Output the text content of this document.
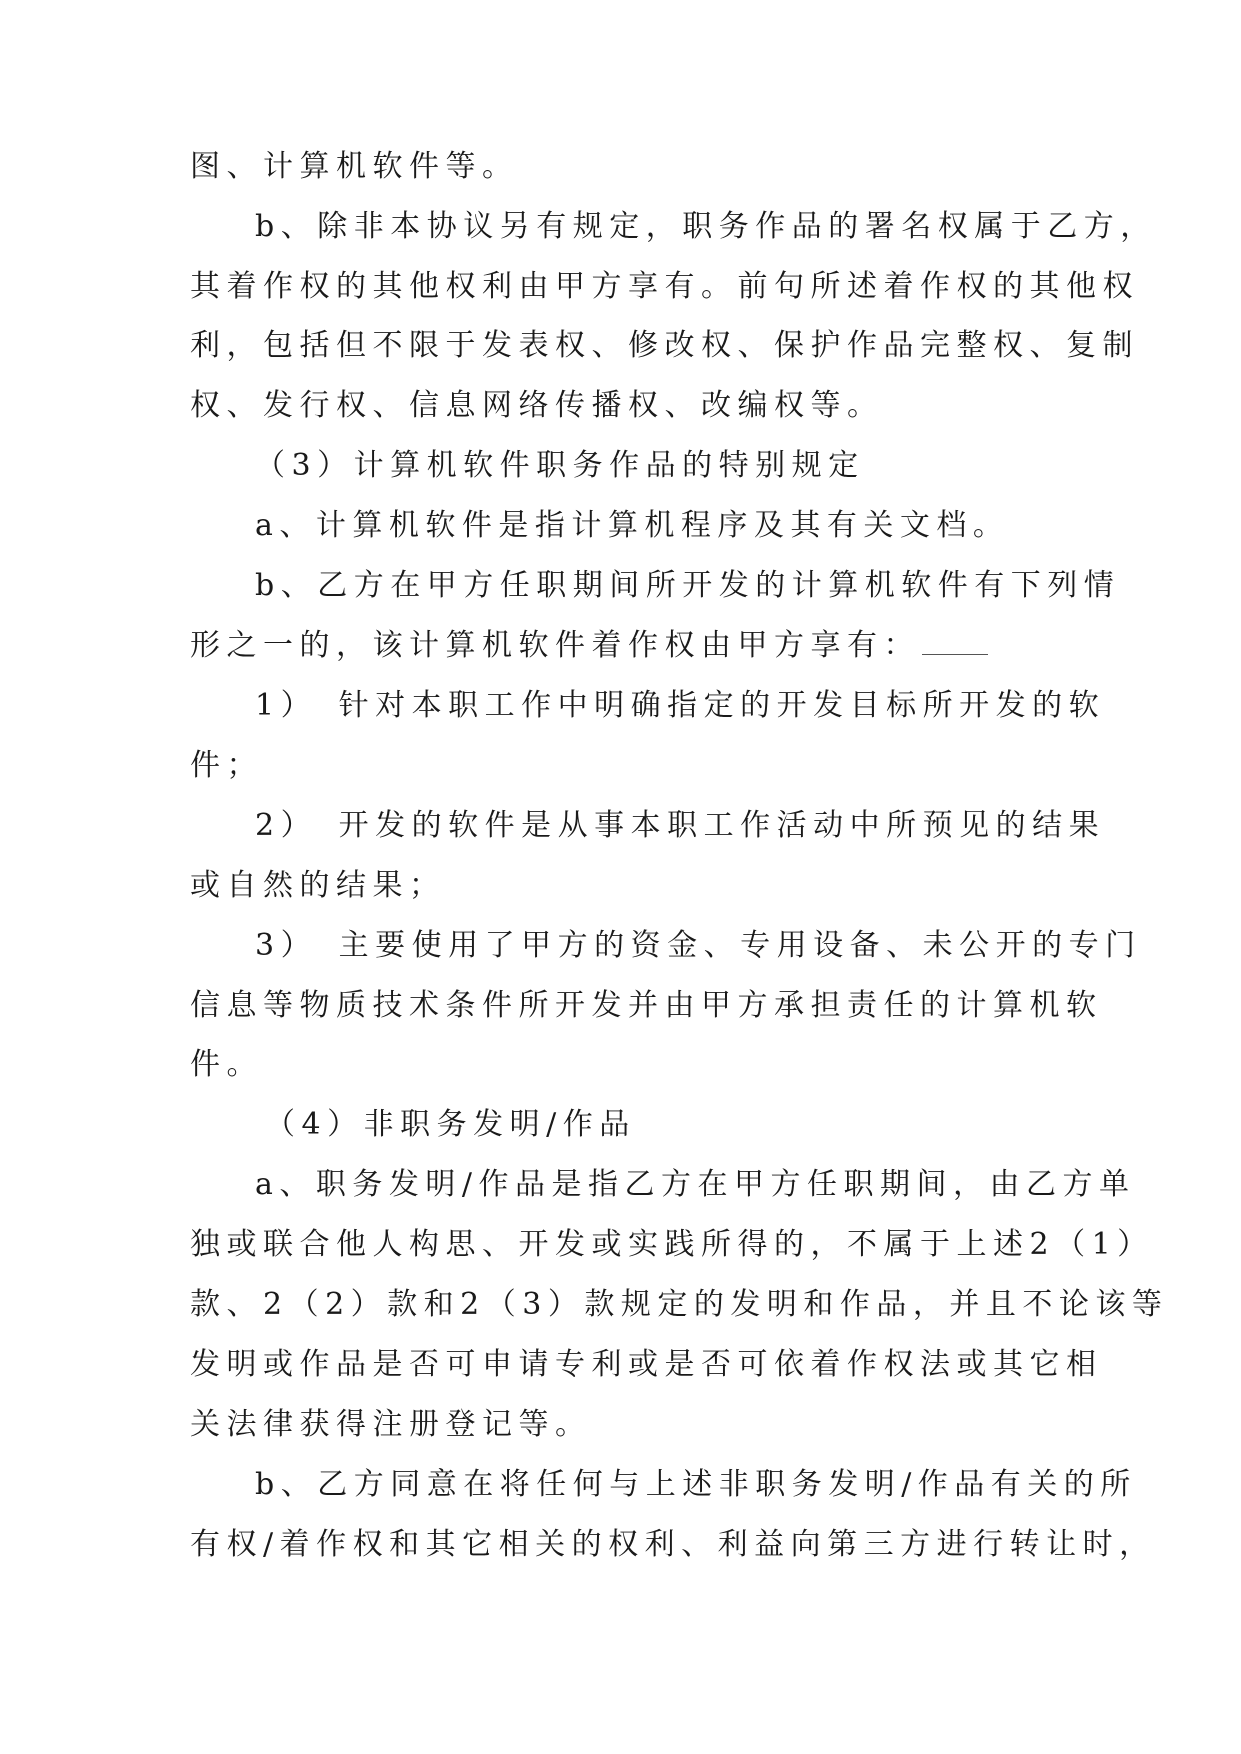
图、计算机软件等。
b、除非本协议另有规定，职务作品的署名权属于乙方，
其着作权的其他权利由甲方享有。前句所述着作权的其他权
利，包括但不限于发表权、修改权、保护作品完整权、复制
权、发行权、信息网络传播权、改编权等。
（3）计算机软件职务作品的特别规定
a、计算机软件是指计算机程序及其有关文档。
b、乙方在甲方任职期间所开发的计算机软件有下列情
形之一的，该计算机软件着作权由甲方享有：
1）　针对本职工作中明确指定的开发目标所开发的软
件；
2）　开发的软件是从事本职工作活动中所预见的结果
或自然的结果；
3）　主要使用了甲方的资金、专用设备、未公开的专门
信息等物质技术条件所开发并由甲方承担责任的计算机软
件。
（4）非职务发明/作品
a、职务发明/作品是指乙方在甲方任职期间，由乙方单
独或联合他人构思、开发或实践所得的，不属于上述2（1）
款、2（2）款和2（3）款规定的发明和作品，并且不论该等
发明或作品是否可申请专利或是否可依着作权法或其它相
关法律获得注册登记等。
b、乙方同意在将任何与上述非职务发明/作品有关的所
有权/着作权和其它相关的权利、利益向第三方进行转让时，
